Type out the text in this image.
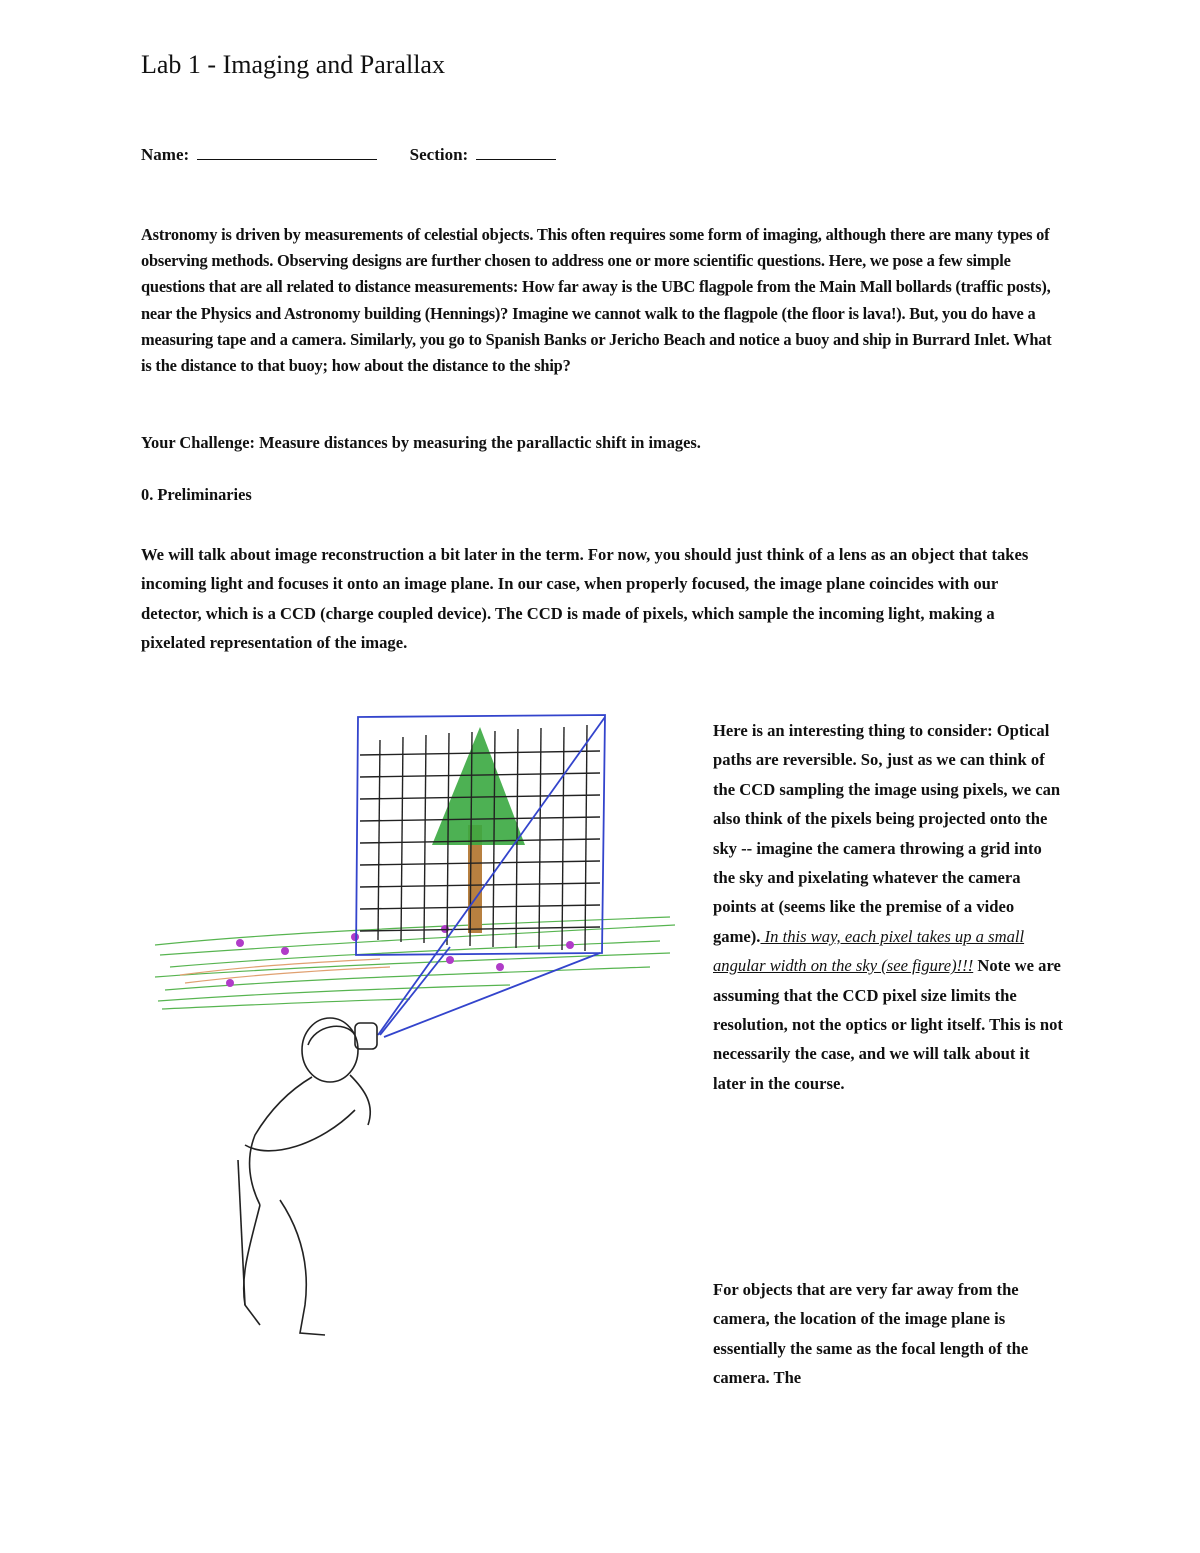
Lab 1 - Imaging and Parallax
Name:	Section:

Astronomy is driven by measurements of celestial objects. This often requires some form of imaging, although there are many types of observing methods. Observing designs are further chosen to address one or more scientific questions. Here, we pose a few simple questions that are all related to distance measurements: How far away is the UBC flagpole from the Main Mall bollards (traffic posts), near the Physics and Astronomy building (Hennings)? Imagine we cannot walk to the flagpole (the floor is lava!). But, you do have a measuring tape and a camera. Similarly, you go to Spanish Banks or Jericho Beach and notice a buoy and ship in Burrard Inlet. What is the distance to that buoy; how about the distance to the ship?

Your Challenge: Measure distances by measuring the parallactic shift in images.

0. Preliminaries

We will talk about image reconstruction a bit later in the term. For now, you should just think of a lens as an object that takes incoming light and focuses it onto an image plane. In our case, when properly focused, the image plane coincides with our detector, which is a CCD (charge coupled device). The CCD is made of pixels, which sample the incoming light, making a pixelated representation of the image.

Here is an interesting thing to consider: Optical paths are reversible. So, just as we can think of the CCD sampling the image using pixels, we can also think of the pixels being projected onto the sky -- imagine the camera throwing a grid into the sky and pixelating whatever the camera points at (seems like the premise of a video game). In this way, each pixel takes up a small angular width on the sky (see figure)!!! Note we are assuming that the CCD pixel size limits the resolution, not the optics or light itself. This is not necessarily the case, and we will talk about it later in the course.

For objects that are very far away from the camera, the location of the image plane is essentially the same as the focal length of the camera. The
